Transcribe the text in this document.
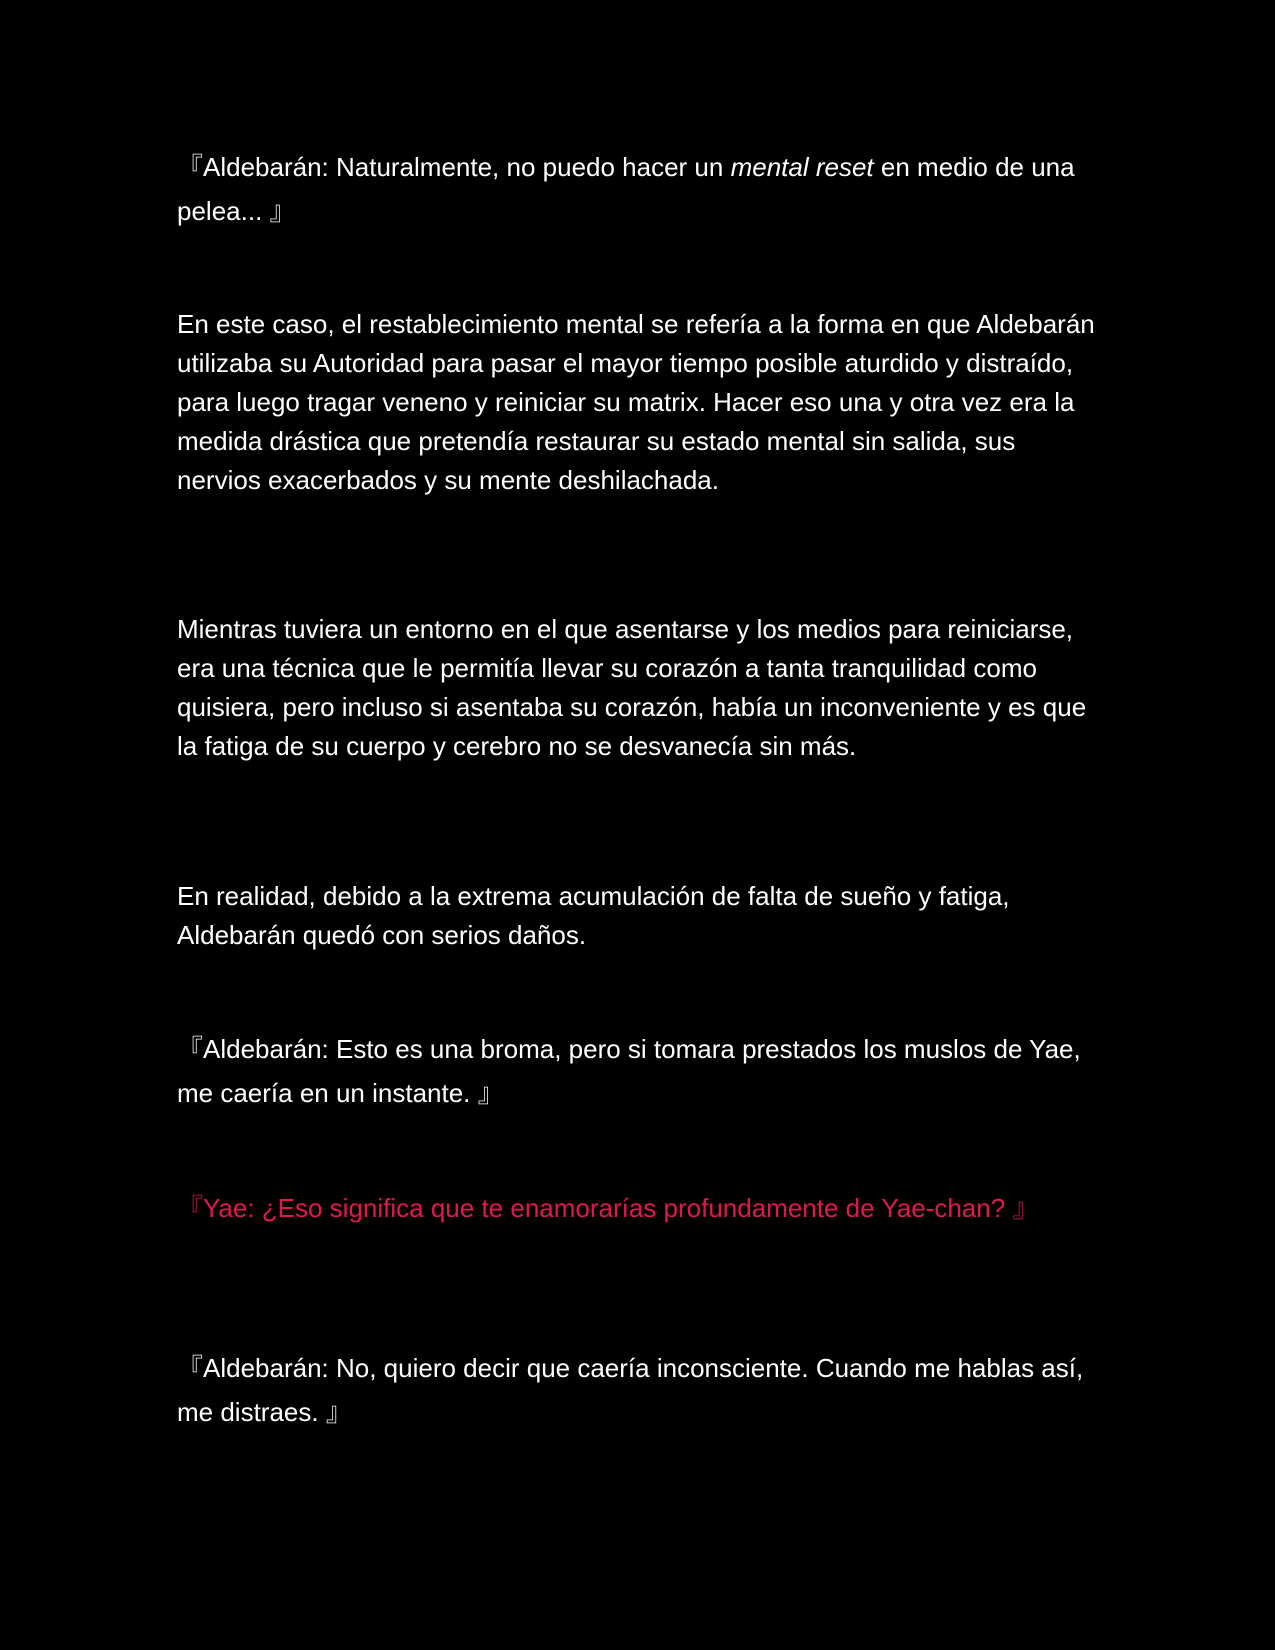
『Aldebarán: Naturalmente, no puedo hacer un mental reset en medio de una pelea... 』

En este caso, el restablecimiento mental se refería a la forma en que Aldebarán utilizaba su Autoridad para pasar el mayor tiempo posible aturdido y distraído, para luego tragar veneno y reiniciar su matrix. Hacer eso una y otra vez era la medida drástica que pretendía restaurar su estado mental sin salida, sus nervios exacerbados y su mente deshilachada.

Mientras tuviera un entorno en el que asentarse y los medios para reiniciarse, era una técnica que le permitía llevar su corazón a tanta tranquilidad como quisiera, pero incluso si asentaba su corazón, había un inconveniente y es que la fatiga de su cuerpo y cerebro no se desvanecía sin más.

En realidad, debido a la extrema acumulación de falta de sueño y fatiga, Aldebarán quedó con serios daños.

『Aldebarán: Esto es una broma, pero si tomara prestados los muslos de Yae, me caería en un instante. 』

『Yae: ¿Eso significa que te enamorarías profundamente de Yae-chan? 』

『Aldebarán: No, quiero decir que caería inconsciente. Cuando me hablas así, me distraes. 』
